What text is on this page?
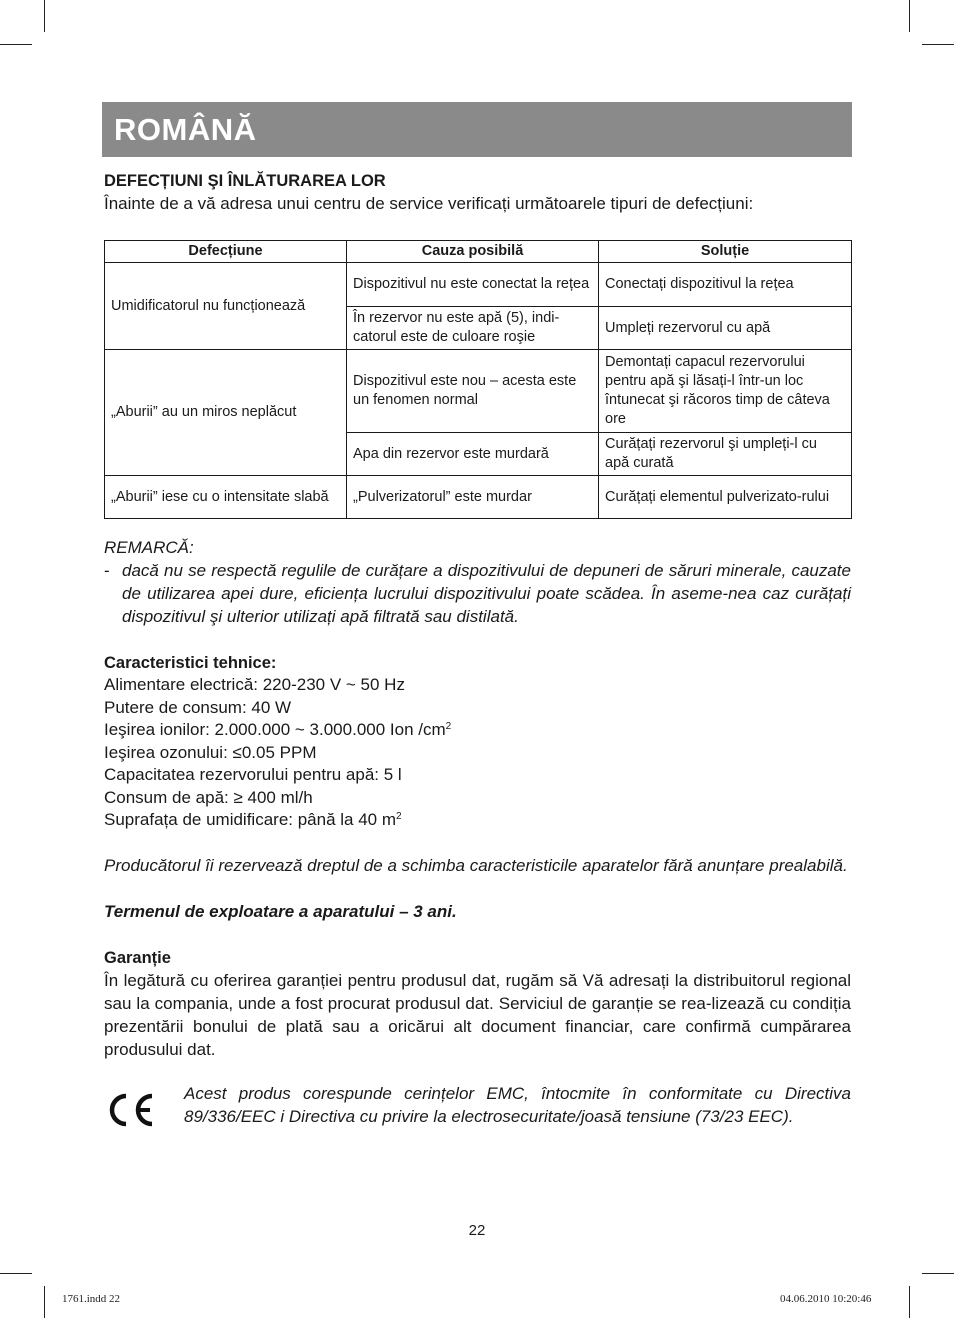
ROMÂNĂ
DEFECȚIUNI ŞI ÎNLĂTURAREA LOR

Înainte de a vă adresa unui centru de service verificați următoarele tipuri de defecțiuni:

Defecțiune	Cauza posibilă	Soluție
Umidificatorul nu funcționează	Dispozitivul nu este conectat la rețea	Conectați dispozitivul la rețea
	În rezervor nu este apă (5), indi-catorul este de culoare roşie	Umpleți rezervorul cu apă
„Aburii” au un miros neplăcut	Dispozitivul este nou – acesta este un fenomen normal	Demontați capacul rezervorului pentru apă şi lăsați-l într-un loc întunecat şi răcoros timp de câteva ore
	Apa din rezervor este murdară	Curățați rezervorul şi umpleți-l cu apă curată
„Aburii” iese cu o intensitate slabă	„Pulverizatorul” este murdar	Curățați elementul pulverizato-rului
REMARCĂ:
- dacă nu se respectă regulile de curățare a dispozitivului de depuneri de săruri minerale, cauzate de utilizarea apei dure, eficiența lucrului dispozitivului poate scădea. În aseme-nea caz curățați dispozitivul şi ulterior utilizați apă filtrată sau distilată.
Caracteristici tehnice:

Alimentare electrică: 220-230 V ~ 50 Hz

Putere de consum: 40 W

Ieşirea ionilor: 2.000.000 ~ 3.000.000 Ion $/cm^2$

Ieşirea ozonului: ≤0.05 PPM

Capacitatea rezervorului pentru apă: 5 l

Consum de apă: ≥ 400 ml/h

Suprafața de umidificare: până la 40 $m^2$

Producătorul îi rezervează dreptul de a schimba caracteristicile aparatelor fără anunțare prealabilă.

Termenul de exploatare a aparatului – 3 ani.

Garanție

În legătură cu oferirea garanției pentru produsul dat, rugăm să Vă adresați la distribuitorul regional sau la compania, unde a fost procurat produsul dat. Serviciul de garanție se rea-lizează cu condiția prezentării bonului de plată sau a oricărui alt document financiar, care confirmă cumpărarea produsului dat.

Acest produs corespunde cerințelor EMC, întocmite în conformitate cu Directiva 89/336/EEC i Directiva cu privire la electrosecuritate/joasă tensiune (73/23 EEC).
22
1761.indd 22	04.06.2010 10:20:46
